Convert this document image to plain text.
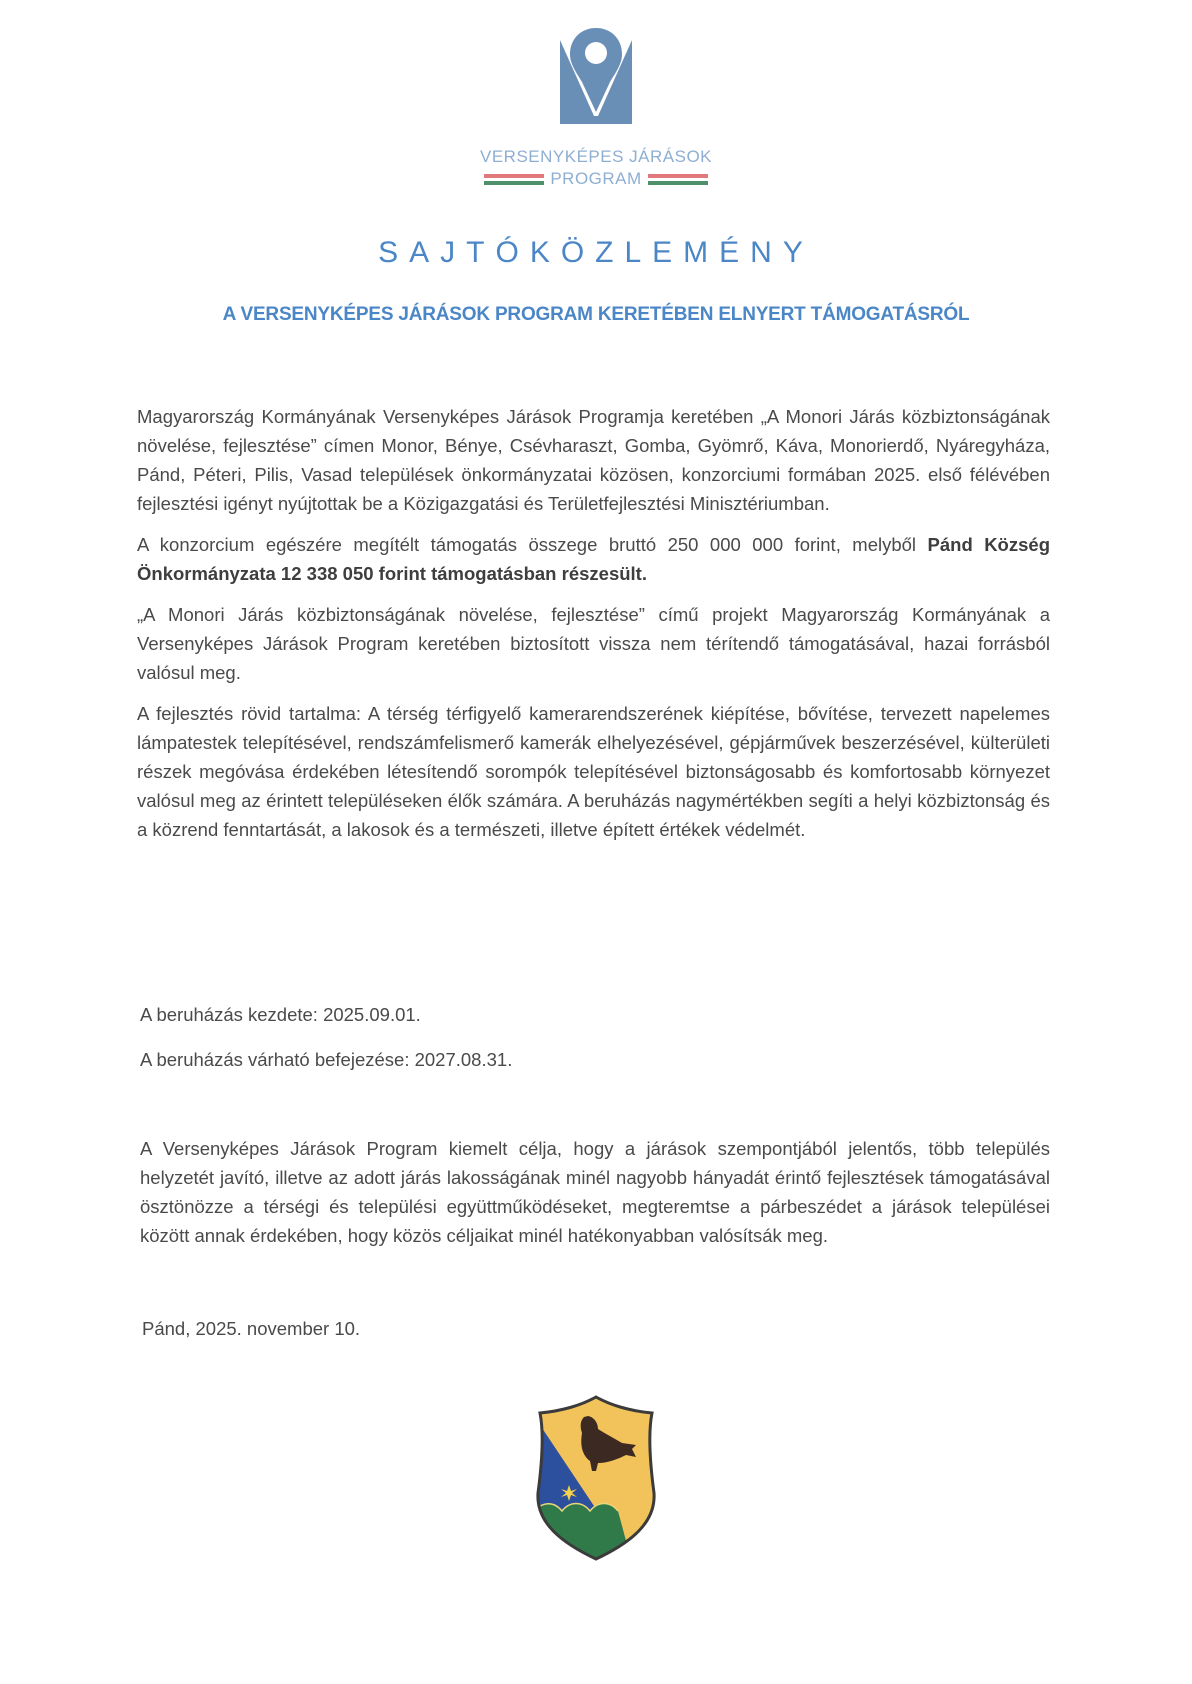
VERSENYKÉPES JÁRÁSOK
PROGRAM
SAJTÓKÖZLEMÉNY
A VERSENYKÉPES JÁRÁSOK PROGRAM KERETÉBEN ELNYERT TÁMOGATÁSRÓL

Magyarország Kormányának Versenyképes Járások Programja keretében „A Monori Járás közbiztonságának növelése, fejlesztése” címen Monor, Bénye, Csévharaszt, Gomba, Gyömrő, Káva, Monorierdő, Nyáregyháza, Pánd, Péteri, Pilis, Vasad települések önkormányzatai közösen, konzorciumi formában 2025. első félévében fejlesztési igényt nyújtottak be a Közigazgatási és Területfejlesztési Minisztériumban.

A konzorcium egészére megítélt támogatás összege bruttó 250 000 000 forint, melyből Pánd Község Önkormányzata 12 338 050 forint támogatásban részesült.

„A Monori Járás közbiztonságának növelése, fejlesztése” című projekt Magyarország Kormányának a Versenyképes Járások Program keretében biztosított vissza nem térítendő támogatásával, hazai forrásból valósul meg.

A fejlesztés rövid tartalma: A térség térfigyelő kamerarendszerének kiépítése, bővítése, tervezett napelemes lámpatestek telepítésével, rendszámfelismerő kamerák elhelyezésével, gépjárművek beszerzésével, külterületi részek megóvása érdekében létesítendő sorompók telepítésével biztonságosabb és komfortosabb környezet valósul meg az érintett településeken élők számára. A beruházás nagymértékben segíti a helyi közbiztonság és a közrend fenntartását, a lakosok és a természeti, illetve épített értékek védelmét.

A beruházás kezdete: 2025.09.01.

A beruházás várható befejezése: 2027.08.31.

A Versenyképes Járások Program kiemelt célja, hogy a járások szempontjából jelentős, több település helyzetét javító, illetve az adott járás lakosságának minél nagyobb hányadát érintő fejlesztések támogatásával ösztönözze a térségi és települési együttműködéseket, megteremtse a párbeszédet a járások települései között annak érdekében, hogy közös céljaikat minél hatékonyabban valósítsák meg.

Pánd, 2025. november 10.
